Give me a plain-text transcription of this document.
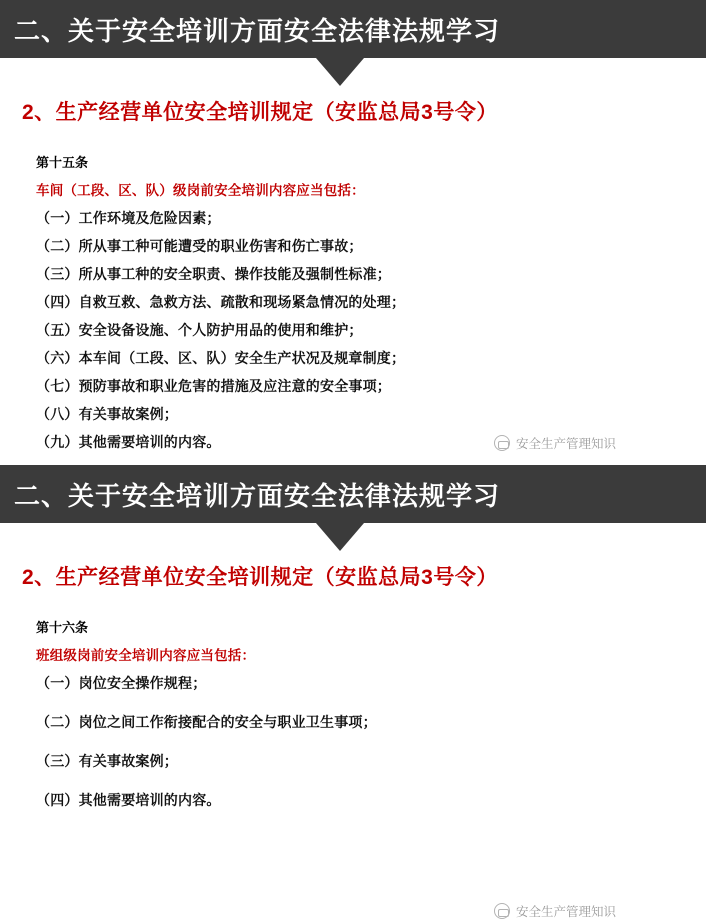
二、关于安全培训方面安全法律法规学习
2、生产经营单位安全培训规定（安监总局3号令）
第十五条
车间（工段、区、队）级岗前安全培训内容应当包括：
（一）工作环境及危险因素；
（二）所从事工种可能遭受的职业伤害和伤亡事故；
（三）所从事工种的安全职责、操作技能及强制性标准；
（四）自救互救、急救方法、疏散和现场紧急情况的处理；
（五）安全设备设施、个人防护用品的使用和维护；
（六）本车间（工段、区、队）安全生产状况及规章制度；
（七）预防事故和职业危害的措施及应注意的安全事项；
（八）有关事故案例；
（九）其他需要培训的内容。
二、关于安全培训方面安全法律法规学习
2、生产经营单位安全培训规定（安监总局3号令）
第十六条
班组级岗前安全培训内容应当包括：
（一）岗位安全操作规程；
（二）岗位之间工作衔接配合的安全与职业卫生事项；
（三）有关事故案例；
（四）其他需要培训的内容。
安全生产管理知识
安全生产管理知识
